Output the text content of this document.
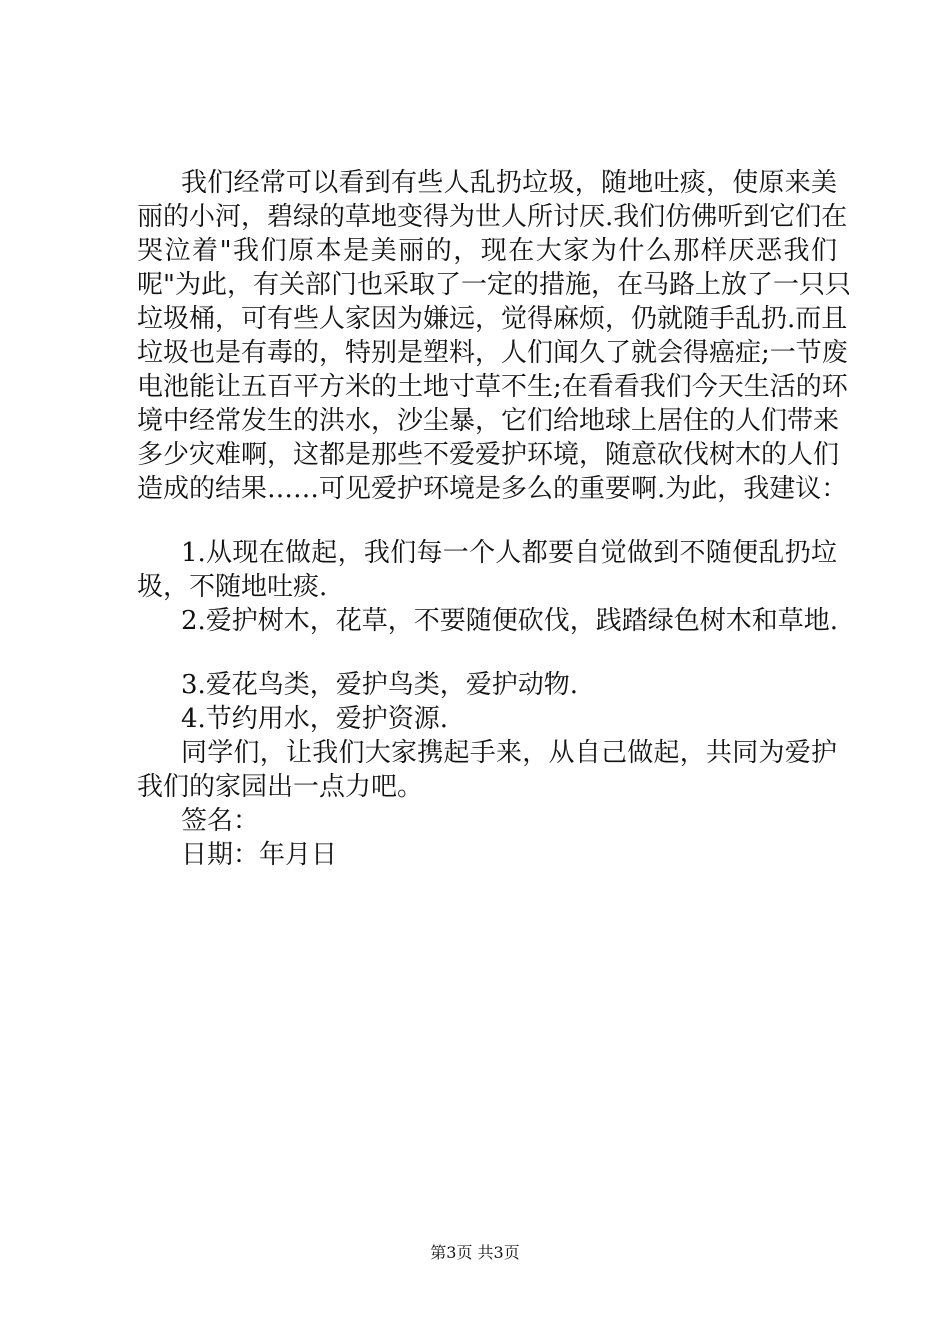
我们经常可以看到有些人乱扔垃圾，随地吐痰，使原来美
丽的小河，碧绿的草地变得为世人所讨厌.我们仿佛听到它们在
哭泣着"我们原本是美丽的，现在大家为什么那样厌恶我们
呢"为此，有关部门也采取了一定的措施，在马路上放了一只只
垃圾桶，可有些人家因为嫌远，觉得麻烦，仍就随手乱扔.而且
垃圾也是有毒的，特别是塑料，人们闻久了就会得癌症;一节废
电池能让五百平方米的土地寸草不生;在看看我们今天生活的环
境中经常发生的洪水，沙尘暴，它们给地球上居住的人们带来
多少灾难啊，这都是那些不爱爱护环境，随意砍伐树木的人们
造成的结果……可见爱护环境是多么的重要啊.为此，我建议：
1.从现在做起，我们每一个人都要自觉做到不随便乱扔垃
圾，不随地吐痰.
2.爱护树木，花草，不要随便砍伐，践踏绿色树木和草地.
3.爱花鸟类，爱护鸟类，爱护动物.
4.节约用水，爱护资源.
同学们，让我们大家携起手来，从自己做起，共同为爱护
我们的家园出一点力吧。
签名：
日期：年月日
第3页 共3页
